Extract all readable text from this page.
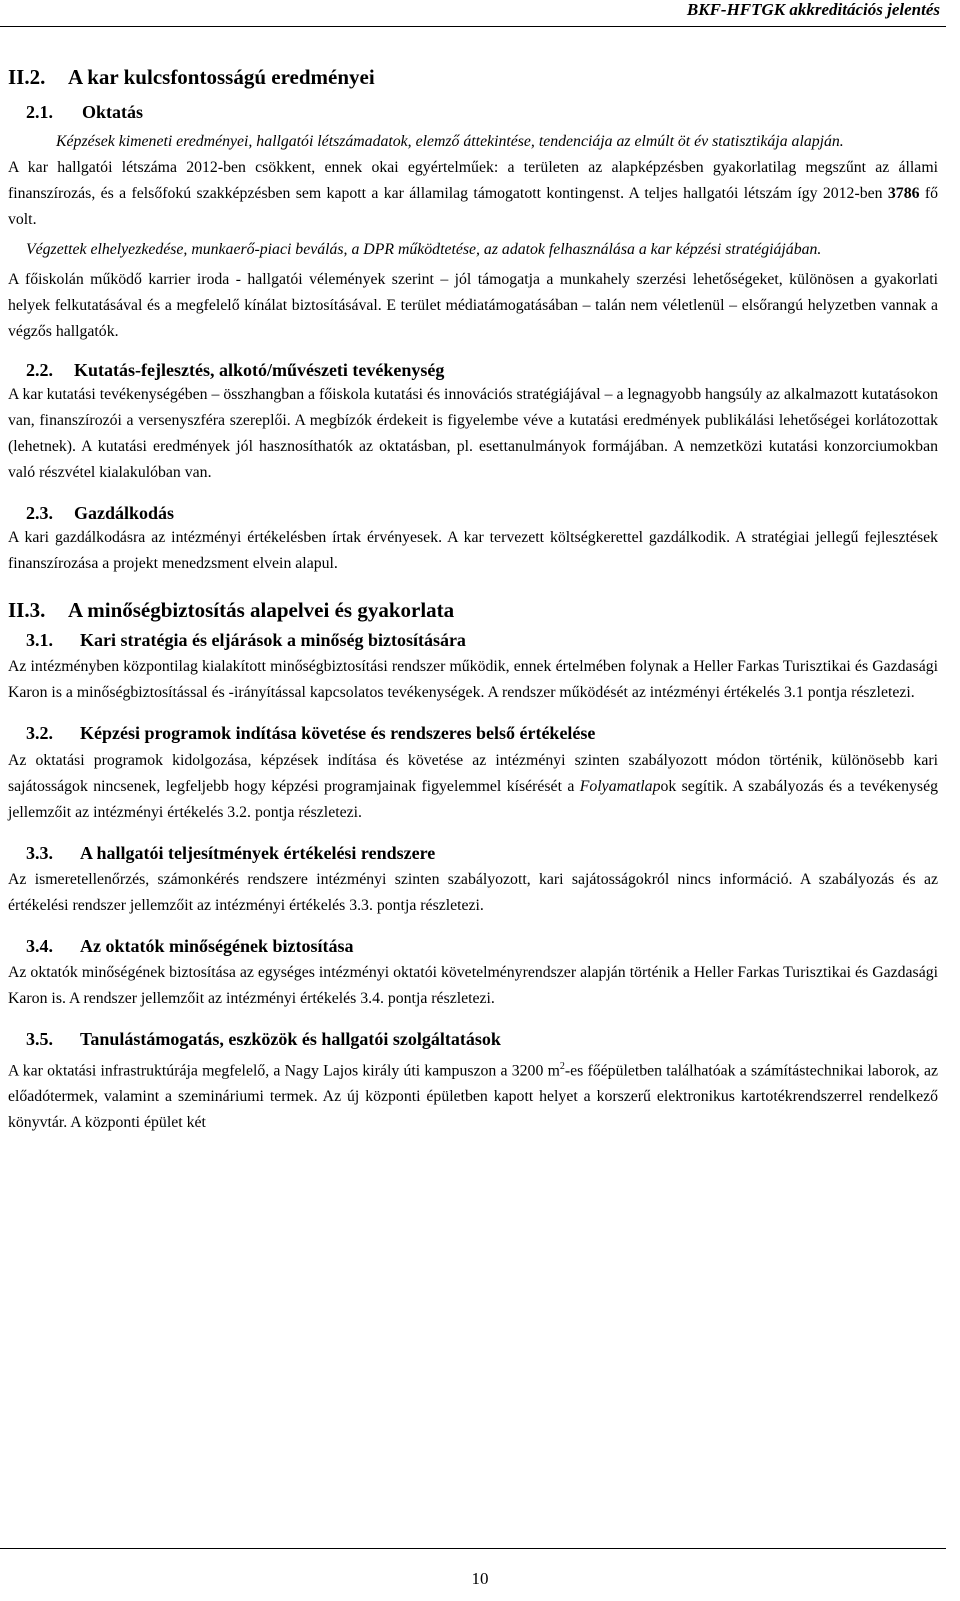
BKF-HFTGK akkreditációs jelentés
II.2. A kar kulcsfontosságú eredményei
2.1. Oktatás

Képzések kimeneti eredményei, hallgatói létszámadatok, elemző áttekintése, tendenciája az elmúlt öt év statisztikája alapján.

A kar hallgatói létszáma 2012-ben csökkent, ennek okai egyértelműek: a területen az alapképzésben gyakorlatilag megszűnt az állami finanszírozás, és a felsőfokú szakképzésben sem kapott a kar államilag támogatott kontingenst. A teljes hallgatói létszám így 2012-ben 3786 fő volt.

Végzettek elhelyezkedése, munkaerő-piaci beválás, a DPR működtetése, az adatok felhasználása a kar képzési stratégiájában.

A főiskolán működő karrier iroda - hallgatói vélemények szerint – jól támogatja a munkahely szerzési lehetőségeket, különösen a gyakorlati helyek felkutatásával és a megfelelő kínálat biztosításával. E terület médiatámogatásában – talán nem véletlenül – elsőrangú helyzetben vannak a végzős hallgatók.

2.2. Kutatás-fejlesztés, alkotó/művészeti tevékenység

A kar kutatási tevékenységében – összhangban a főiskola kutatási és innovációs stratégiájával – a legnagyobb hangsúly az alkalmazott kutatásokon van, finanszírozói a versenyszféra szereplői. A megbízók érdekeit is figyelembe véve a kutatási eredmények publikálási lehetőségei korlátozottak (lehetnek). A kutatási eredmények jól hasznosíthatók az oktatásban, pl. esettanulmányok formájában. A nemzetközi kutatási konzorciumokban való részvétel kialakulóban van.

2.3. Gazdálkodás

A kari gazdálkodásra az intézményi értékelésben írtak érvényesek. A kar tervezett költségkerettel gazdálkodik. A stratégiai jellegű fejlesztések finanszírozása a projekt menedzsment elvein alapul.

II.3. A minőségbiztosítás alapelvei és gyakorlata
3.1. Kari stratégia és eljárások a minőség biztosítására

Az intézményben központilag kialakított minőségbiztosítási rendszer működik, ennek értelmében folynak a Heller Farkas Turisztikai és Gazdasági Karon is a minőségbiztosítással és -irányítással kapcsolatos tevékenységek. A rendszer működését az intézményi értékelés 3.1 pontja részletezi.

3.2. Képzési programok indítása követése és rendszeres belső értékelése

Az oktatási programok kidolgozása, képzések indítása és követése az intézményi szinten szabályozott módon történik, különösebb kari sajátosságok nincsenek, legfeljebb hogy képzési programjainak figyelemmel kísérését a Folyamatlapok segítik. A szabályozás és a tevékenység jellemzőit az intézményi értékelés 3.2. pontja részletezi.

3.3. A hallgatói teljesítmények értékelési rendszere

Az ismeretellenőrzés, számonkérés rendszere intézményi szinten szabályozott, kari sajátosságokról nincs információ. A szabályozás és az értékelési rendszer jellemzőit az intézményi értékelés 3.3. pontja részletezi.

3.4. Az oktatók minőségének biztosítása

Az oktatók minőségének biztosítása az egységes intézményi oktatói követelményrendszer alapján történik a Heller Farkas Turisztikai és Gazdasági Karon is. A rendszer jellemzőit az intézményi értékelés 3.4. pontja részletezi.

3.5. Tanulástámogatás, eszközök és hallgatói szolgáltatások

A kar oktatási infrastruktúrája megfelelő, a Nagy Lajos király úti kampuszon a 3200 $m^2-es$ főépületben találhatóak a számítástechnikai laborok, az előadótermek, valamint a szemináriumi termek. Az új központi épületben kapott helyet a korszerű elektronikus kartotékrendszerrel rendelkező könyvtár. A központi épület két

10
